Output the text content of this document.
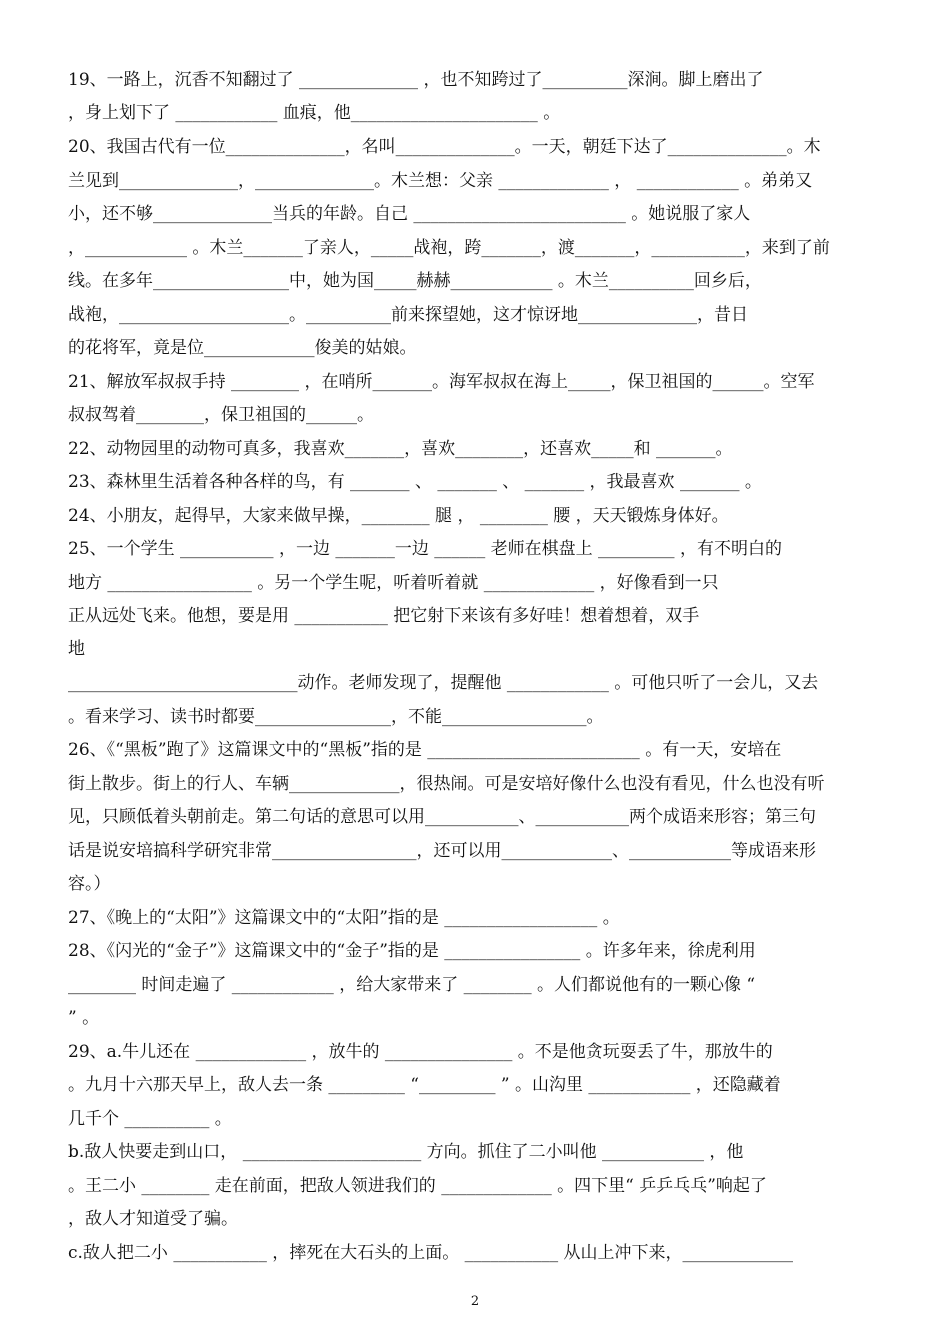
19、一路上，沉香不知翻过了 ______________ ，也不知跨过了__________深涧。脚上磨出了
，身上划下了 ____________ 血痕，他______________________ 。
20、我国古代有一位______________，名叫______________。一天，朝廷下达了______________。木
兰见到______________，______________。木兰想：父亲 _____________ ， ____________ 。弟弟又
小，还不够______________当兵的年龄。自己 _________________________ 。她说服了家人
，____________ 。木兰_______了亲人，_____战袍，跨_______，渡_______，___________，来到了前
线。在多年________________中，她为国_____赫赫____________ 。木兰__________回乡后，
战袍，____________________。__________前来探望她，这才惊讶地______________，昔日
的花将军，竟是位_____________俊美的姑娘。
21、解放军叔叔手持 ________ ，在哨所_______。海军叔叔在海上_____，保卫祖国的______。空军
叔叔驾着________，保卫祖国的______。
22、动物园里的动物可真多，我喜欢_______，喜欢________，还喜欢_____和 _______。
23、森林里生活着各种各样的鸟，有 _______ 、 _______ 、 _______ ，我最喜欢 _______ 。
24、小朋友，起得早，大家来做早操，________ 腿 ， ________ 腰 ，天天锻炼身体好。
25、一个学生 ___________ ，一边 _______一边 ______ 老师在棋盘上 _________ ，有不明白的
地方 _________________ 。另一个学生呢，听着听着就 _____________ ，好像看到一只
正从远处飞来。他想，要是用 ___________ 把它射下来该有多好哇！想着想着，双手
地
___________________________动作。老师发现了，提醒他 ____________ 。可他只听了一会儿，又去
。看来学习、读书时都要________________，不能_________________。
26、《“黑板”跑了》这篇课文中的“黑板”指的是 _________________________ 。有一天，安培在
街上散步。街上的行人、车辆_____________，很热闹。可是安培好像什么也没有看见，什么也没有听
见，只顾低着头朝前走。第二句话的意思可以用___________、___________两个成语来形容；第三句
话是说安培搞科学研究非常_________________，还可以用_____________、____________等成语来形
容。）
27、《晚上的“太阳”》这篇课文中的“太阳”指的是 __________________ 。
28、《闪光的“金子”》这篇课文中的“金子”指的是 ________________ 。许多年来，徐虎利用
________ 时间走遍了 ____________ ，给大家带来了 ________ 。人们都说他有的一颗心像 “
” 。
29、a.牛儿还在 _____________ ，放牛的 _______________ 。不是他贪玩耍丢了牛，那放牛的
。九月十六那天早上，敌人去一条 _________ “_________ ” 。山沟里 ____________ ，还隐藏着
几千个 __________ 。
b.敌人快要走到山口， _____________________ 方向。抓住了二小叫他 ____________ ，他
。王二小 ________ 走在前面，把敌人领进我们的 _____________ 。四下里“ 乒乒乓乓”响起了
，敌人才知道受了骗。
c.敌人把二小 ___________ ，摔死在大石头的上面。 ___________ 从山上冲下来，_____________
2
